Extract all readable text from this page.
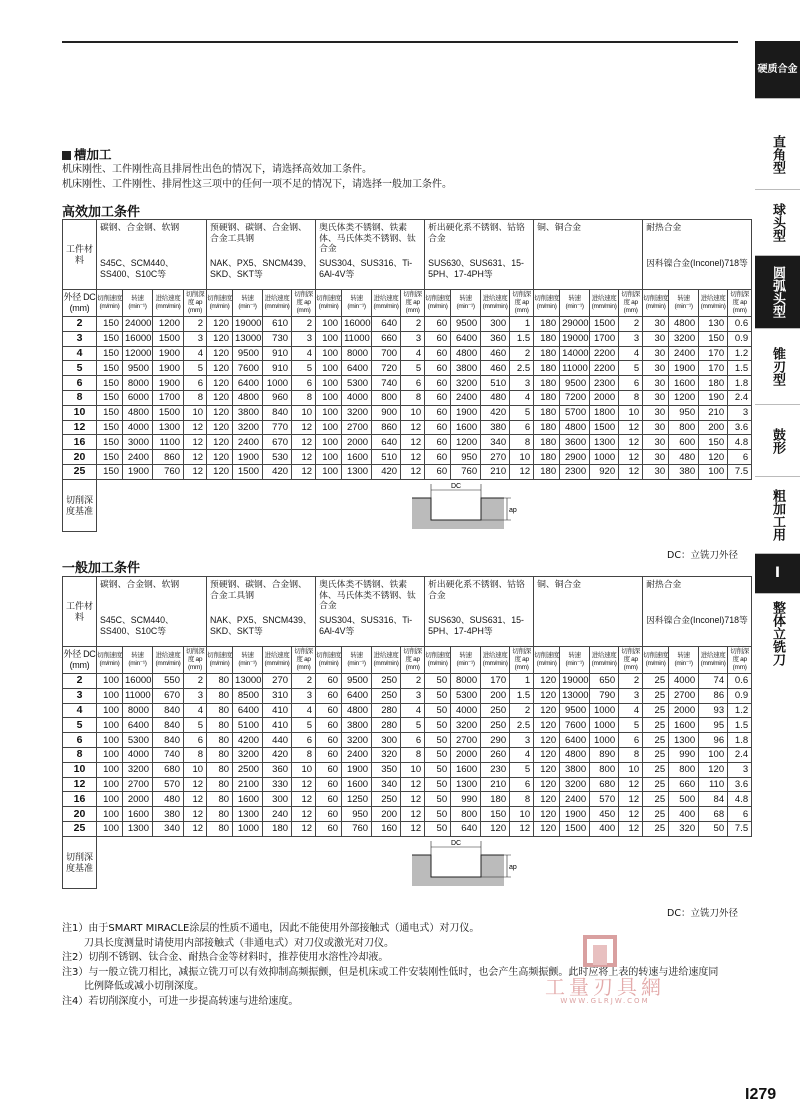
硬质合金
直角型
球头型
圆弧头型
锥刃型
鼓形
粗加工用
I
整体立铣刀
槽加工
机床刚性、工件刚性高且排屑性出色的情况下，请选择高效加工条件。
机床刚性、工件刚性、排屑性这三项中的任何一项不足的情况下，请选择一般加工条件。
高效加工条件
工件材料	碳钢、合金钢、软钢
S45C、SCM440、SS400、S10C等				预硬钢、碳钢、合金钢、合金工具钢
NAK、PX5、SNCM439、SKD、SKT等				奥氏体类不锈钢、铁素体、马氏体类不锈钢、钛合金
SUS304、SUS316、Ti-6Al-4V等				析出硬化系不锈钢、钴铬合金
SUS630、SUS631、15-5PH、17-4PH等				铜、铜合金				耐热合金
因科镍合金(Inconel)718等			

外径 DC (mm)	切削速度 (m/min)	转速 (min⁻¹)	进给速度 (mm/min)	切削深度 ap (mm)	切削速度 (m/min)	转速 (min⁻¹)	进给速度 (mm/min)	切削深度 ap (mm)	切削速度 (m/min)	转速 (min⁻¹)	进给速度 (mm/min)	切削深度 ap (mm)	切削速度 (m/min)	转速 (min⁻¹)	进给速度 (mm/min)	切削深度 ap (mm)	切削速度 (m/min)	转速 (min⁻¹)	进给速度 (mm/min)	切削深度 ap (mm)	切削速度 (m/min)	转速 (min⁻¹)	进给速度 (mm/min)	切削深度 ap (mm)
2	150	24000	1200	2	120	19000	610	2	100	16000	640	2	60	9500	300	1	180	29000	1500	2	30	4800	130	0.6
3	150	16000	1500	3	120	13000	730	3	100	11000	660	3	60	6400	360	1.5	180	19000	1700	3	30	3200	150	0.9
4	150	12000	1900	4	120	9500	910	4	100	8000	700	4	60	4800	460	2	180	14000	2200	4	30	2400	170	1.2
5	150	9500	1900	5	120	7600	910	5	100	6400	720	5	60	3800	460	2.5	180	11000	2200	5	30	1900	170	1.5
6	150	8000	1900	6	120	6400	1000	6	100	5300	740	6	60	3200	510	3	180	9500	2300	6	30	1600	180	1.8
8	150	6000	1700	8	120	4800	960	8	100	4000	800	8	60	2400	480	4	180	7200	2000	8	30	1200	190	2.4
10	150	4800	1500	10	120	3800	840	10	100	3200	900	10	60	1900	420	5	180	5700	1800	10	30	950	210	3
12	150	4000	1300	12	120	3200	770	12	100	2700	860	12	60	1600	380	6	180	4800	1500	12	30	800	200	3.6
16	150	3000	1100	12	120	2400	670	12	100	2000	640	12	60	1200	340	8	180	3600	1300	12	30	600	150	4.8
20	150	2400	860	12	120	1900	530	12	100	1600	510	12	60	950	270	10	180	2900	1000	12	30	480	120	6
25	150	1900	760	12	120	1500	420	12	100	1300	420	12	60	760	210	12	180	2300	920	12	30	380	100	7.5
切削深度基准	DC
ap																							
DC：立铣刀外径
一般加工条件
工件材料	碳钢、合金钢、软钢
S45C、SCM440、SS400、S10C等				预硬钢、碳钢、合金钢、合金工具钢
NAK、PX5、SNCM439、SKD、SKT等				奥氏体类不锈钢、铁素体、马氏体类不锈钢、钛合金
SUS304、SUS316、Ti-6Al-4V等				析出硬化系不锈钢、钴铬合金
SUS630、SUS631、15-5PH、17-4PH等				铜、铜合金				耐热合金
因科镍合金(Inconel)718等			

外径 DC (mm)	切削速度 (m/min)	转速 (min⁻¹)	进给速度 (mm/min)	切削深度 ap (mm)	切削速度 (m/min)	转速 (min⁻¹)	进给速度 (mm/min)	切削深度 ap (mm)	切削速度 (m/min)	转速 (min⁻¹)	进给速度 (mm/min)	切削深度 ap (mm)	切削速度 (m/min)	转速 (min⁻¹)	进给速度 (mm/min)	切削深度 ap (mm)	切削速度 (m/min)	转速 (min⁻¹)	进给速度 (mm/min)	切削深度 ap (mm)	切削速度 (m/min)	转速 (min⁻¹)	进给速度 (mm/min)	切削深度 ap (mm)
2	100	16000	550	2	80	13000	270	2	60	9500	250	2	50	8000	170	1	120	19000	650	2	25	4000	74	0.6
3	100	11000	670	3	80	8500	310	3	60	6400	250	3	50	5300	200	1.5	120	13000	790	3	25	2700	86	0.9
4	100	8000	840	4	80	6400	410	4	60	4800	280	4	50	4000	250	2	120	9500	1000	4	25	2000	93	1.2
5	100	6400	840	5	80	5100	410	5	60	3800	280	5	50	3200	250	2.5	120	7600	1000	5	25	1600	95	1.5
6	100	5300	840	6	80	4200	440	6	60	3200	300	6	50	2700	290	3	120	6400	1000	6	25	1300	96	1.8
8	100	4000	740	8	80	3200	420	8	60	2400	320	8	50	2000	260	4	120	4800	890	8	25	990	100	2.4
10	100	3200	680	10	80	2500	360	10	60	1900	350	10	50	1600	230	5	120	3800	800	10	25	800	120	3
12	100	2700	570	12	80	2100	330	12	60	1600	340	12	50	1300	210	6	120	3200	680	12	25	660	110	3.6
16	100	2000	480	12	80	1600	300	12	60	1250	250	12	50	990	180	8	120	2400	570	12	25	500	84	4.8
20	100	1600	380	12	80	1300	240	12	60	950	200	12	50	800	150	10	120	1900	450	12	25	400	68	6
25	100	1300	340	12	80	1000	180	12	60	760	160	12	50	640	120	12	120	1500	400	12	25	320	50	7.5
切削深度基准	DC
ap																							
DC：立铣刀外径
注1）由于SMART MIRACLE涂层的性质不通电，因此不能使用外部接触式（通电式）对刀仪。
刀具长度测量时请使用内部接触式（非通电式）对刀仪或激光对刀仪。
注2）切削不锈钢、钛合金、耐热合金等材料时，推荐使用水溶性冷却液。
注3）与一般立铣刀相比，减振立铣刀可以有效抑制高频振颤，但是机床或工件安装刚性低时，也会产生高频振颤。此时应将上表的转速与进给速度同
比例降低或减小切削深度。
注4）若切削深度小，可进一步提高转速与进给速度。
工量刃具網
WWW.GLRJW.COM
I279
